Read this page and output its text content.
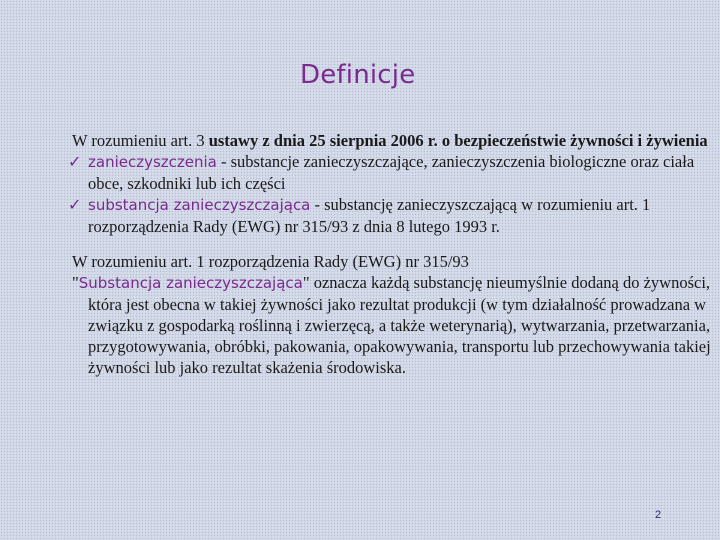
Definicje

W rozumieniu art. 3 ustawy z dnia 25 sierpnia 2006 r. o bezpieczeństwie żywności i żywienia

✓ zanieczyszczenia - substancje zanieczyszczające, zanieczyszczenia biologiczne oraz ciała obce, szkodniki lub ich części

✓ substancja zanieczyszczająca - substancję zanieczyszczającą w rozumieniu art. 1 rozporządzenia Rady (EWG) nr 315/93 z dnia 8 lutego 1993 r.

W rozumieniu art. 1 rozporządzenia Rady (EWG) nr 315/93

"Substancja zanieczyszczająca" oznacza każdą substancję nieumyślnie dodaną do żywności, która jest obecna w takiej żywności jako rezultat produkcji (w tym działalność prowadzana w związku z gospodarką roślinną i zwierzęcą, a także weterynarią), wytwarzania, przetwarzania, przygotowywania, obróbki, pakowania, opakowywania, transportu lub przechowywania takiej żywności lub jako rezultat skażenia środowiska.

2
